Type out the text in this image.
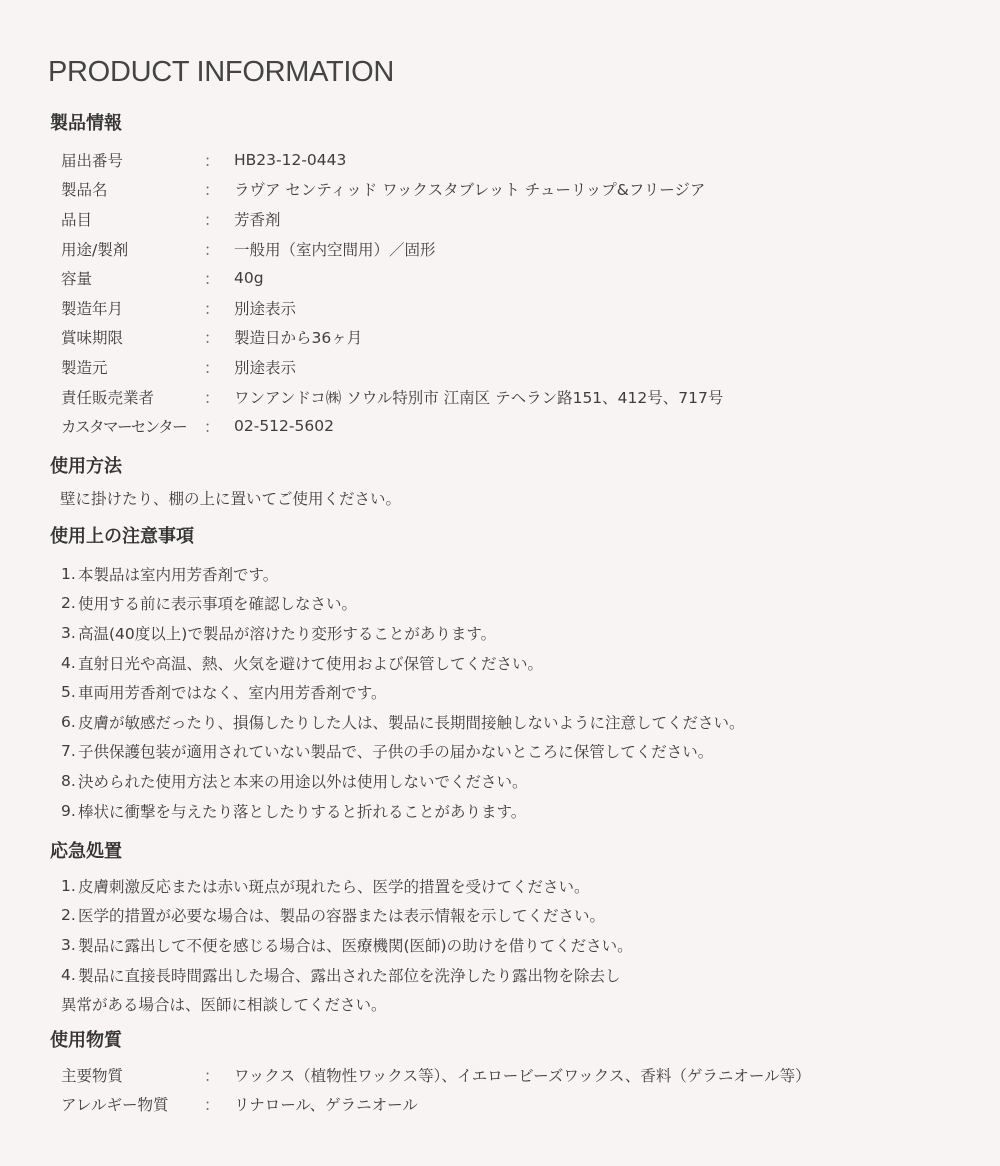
PRODUCT INFORMATION
製品情報
届出番号	： HB23-12-0443
製品名	： ラヴア センティッド ワックスタブレット チューリップ&フリージア
品目	： 芳香剤
用途/製剤	： 一般用（室内空間用）／固形
容量	： 40g
製造年月	： 別途表示
賞味期限	： 製造日から36ヶ月
製造元	： 別途表示
責任販売業者	： ワンアンドコ㈱ ソウル特別市 江南区 テヘラン路151、412号、717号
カスタマーセンター	： 02-512-5602
使用方法
壁に掛けたり、棚の上に置いてご使用ください。
使用上の注意事項
1. 本製品は室内用芳香剤です。
2. 使用する前に表示事項を確認しなさい。
3. 高温(40度以上)で製品が溶けたり変形することがあります。
4. 直射日光や高温、熱、火気を避けて使用および保管してください。
5. 車両用芳香剤ではなく、室内用芳香剤です。
6. 皮膚が敏感だったり、損傷したりした人は、製品に長期間接触しないように注意してください。
7. 子供保護包装が適用されていない製品で、子供の手の届かないところに保管してください。
8. 決められた使用方法と本来の用途以外は使用しないでください。
9. 棒状に衝撃を与えたり落としたりすると折れることがあります。
応急処置
1. 皮膚刺激反応または赤い斑点が現れたら、医学的措置を受けてください。
2. 医学的措置が必要な場合は、製品の容器または表示情報を示してください。
3. 製品に露出して不便を感じる場合は、医療機関(医師)の助けを借りてください。
4. 製品に直接長時間露出した場合、露出された部位を洗浄したり露出物を除去し
異常がある場合は、医師に相談してください。
使用物質
主要物質	： ワックス（植物性ワックス等）、イエロービーズワックス、香料（ゲラニオール等）
アレルギー物質	： リナロール、ゲラニオール
